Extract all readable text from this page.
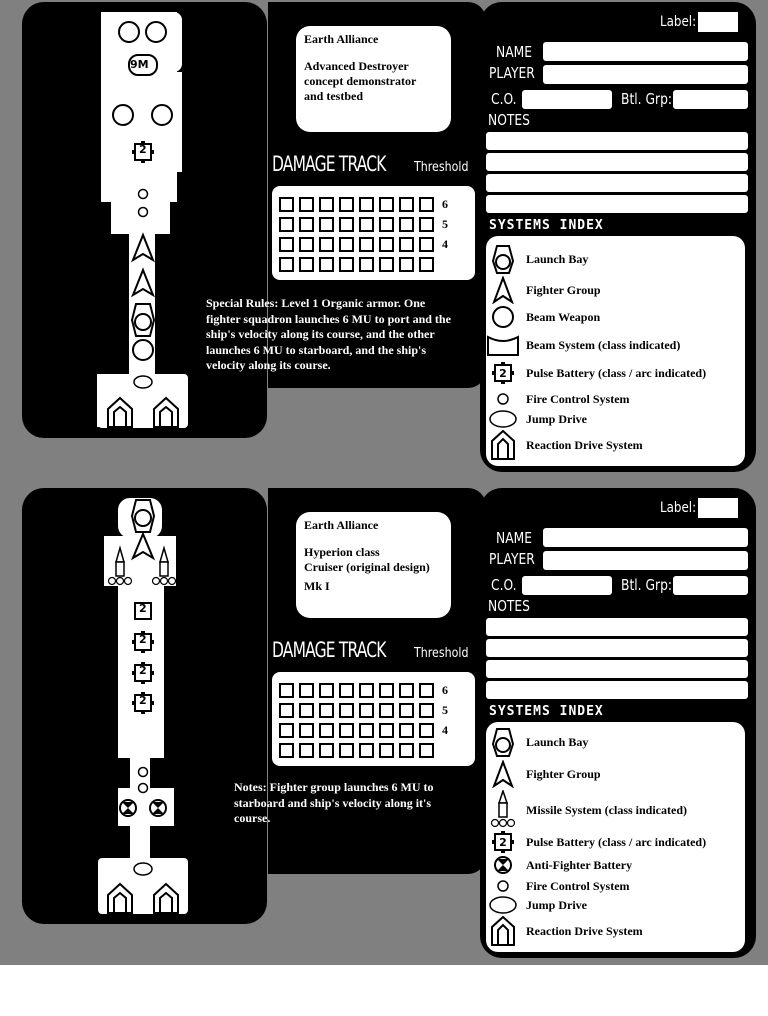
9M
2
Earth Alliance
Advanced Destroyer
concept demonstrator
and testbed
DAMAGE TRACK Threshold
6
5
4
Special Rules: Level 1 Organic armor. One
fighter squadron launches 6 MU to port and the
ship's velocity along its course, and the other
launches 6 MU to starboard, and the ship's
velocity along its course.
Label:
NAME
PLAYER
C.O.	Btl. Grp:
NOTES
SYSTEMS INDEX
Launch Bay
Fighter Group
Beam Weapon
Beam System (class indicated)
2 Pulse Battery (class / arc indicated)
Fire Control System
Jump Drive
Reaction Drive System
2
2
2
2
Earth Alliance
Hyperion class
Cruiser (original design)
Mk I
DAMAGE TRACK Threshold
6
5
4
Notes: Fighter group launches 6 MU to
starboard and ship's velocity along it's
course.
Label:
NAME
PLAYER
C.O.	Btl. Grp:
NOTES
SYSTEMS INDEX
Launch Bay
Fighter Group
Missile System (class indicated)
2 Pulse Battery (class / arc indicated)
Anti-Fighter Battery
Fire Control System
Jump Drive
Reaction Drive System
